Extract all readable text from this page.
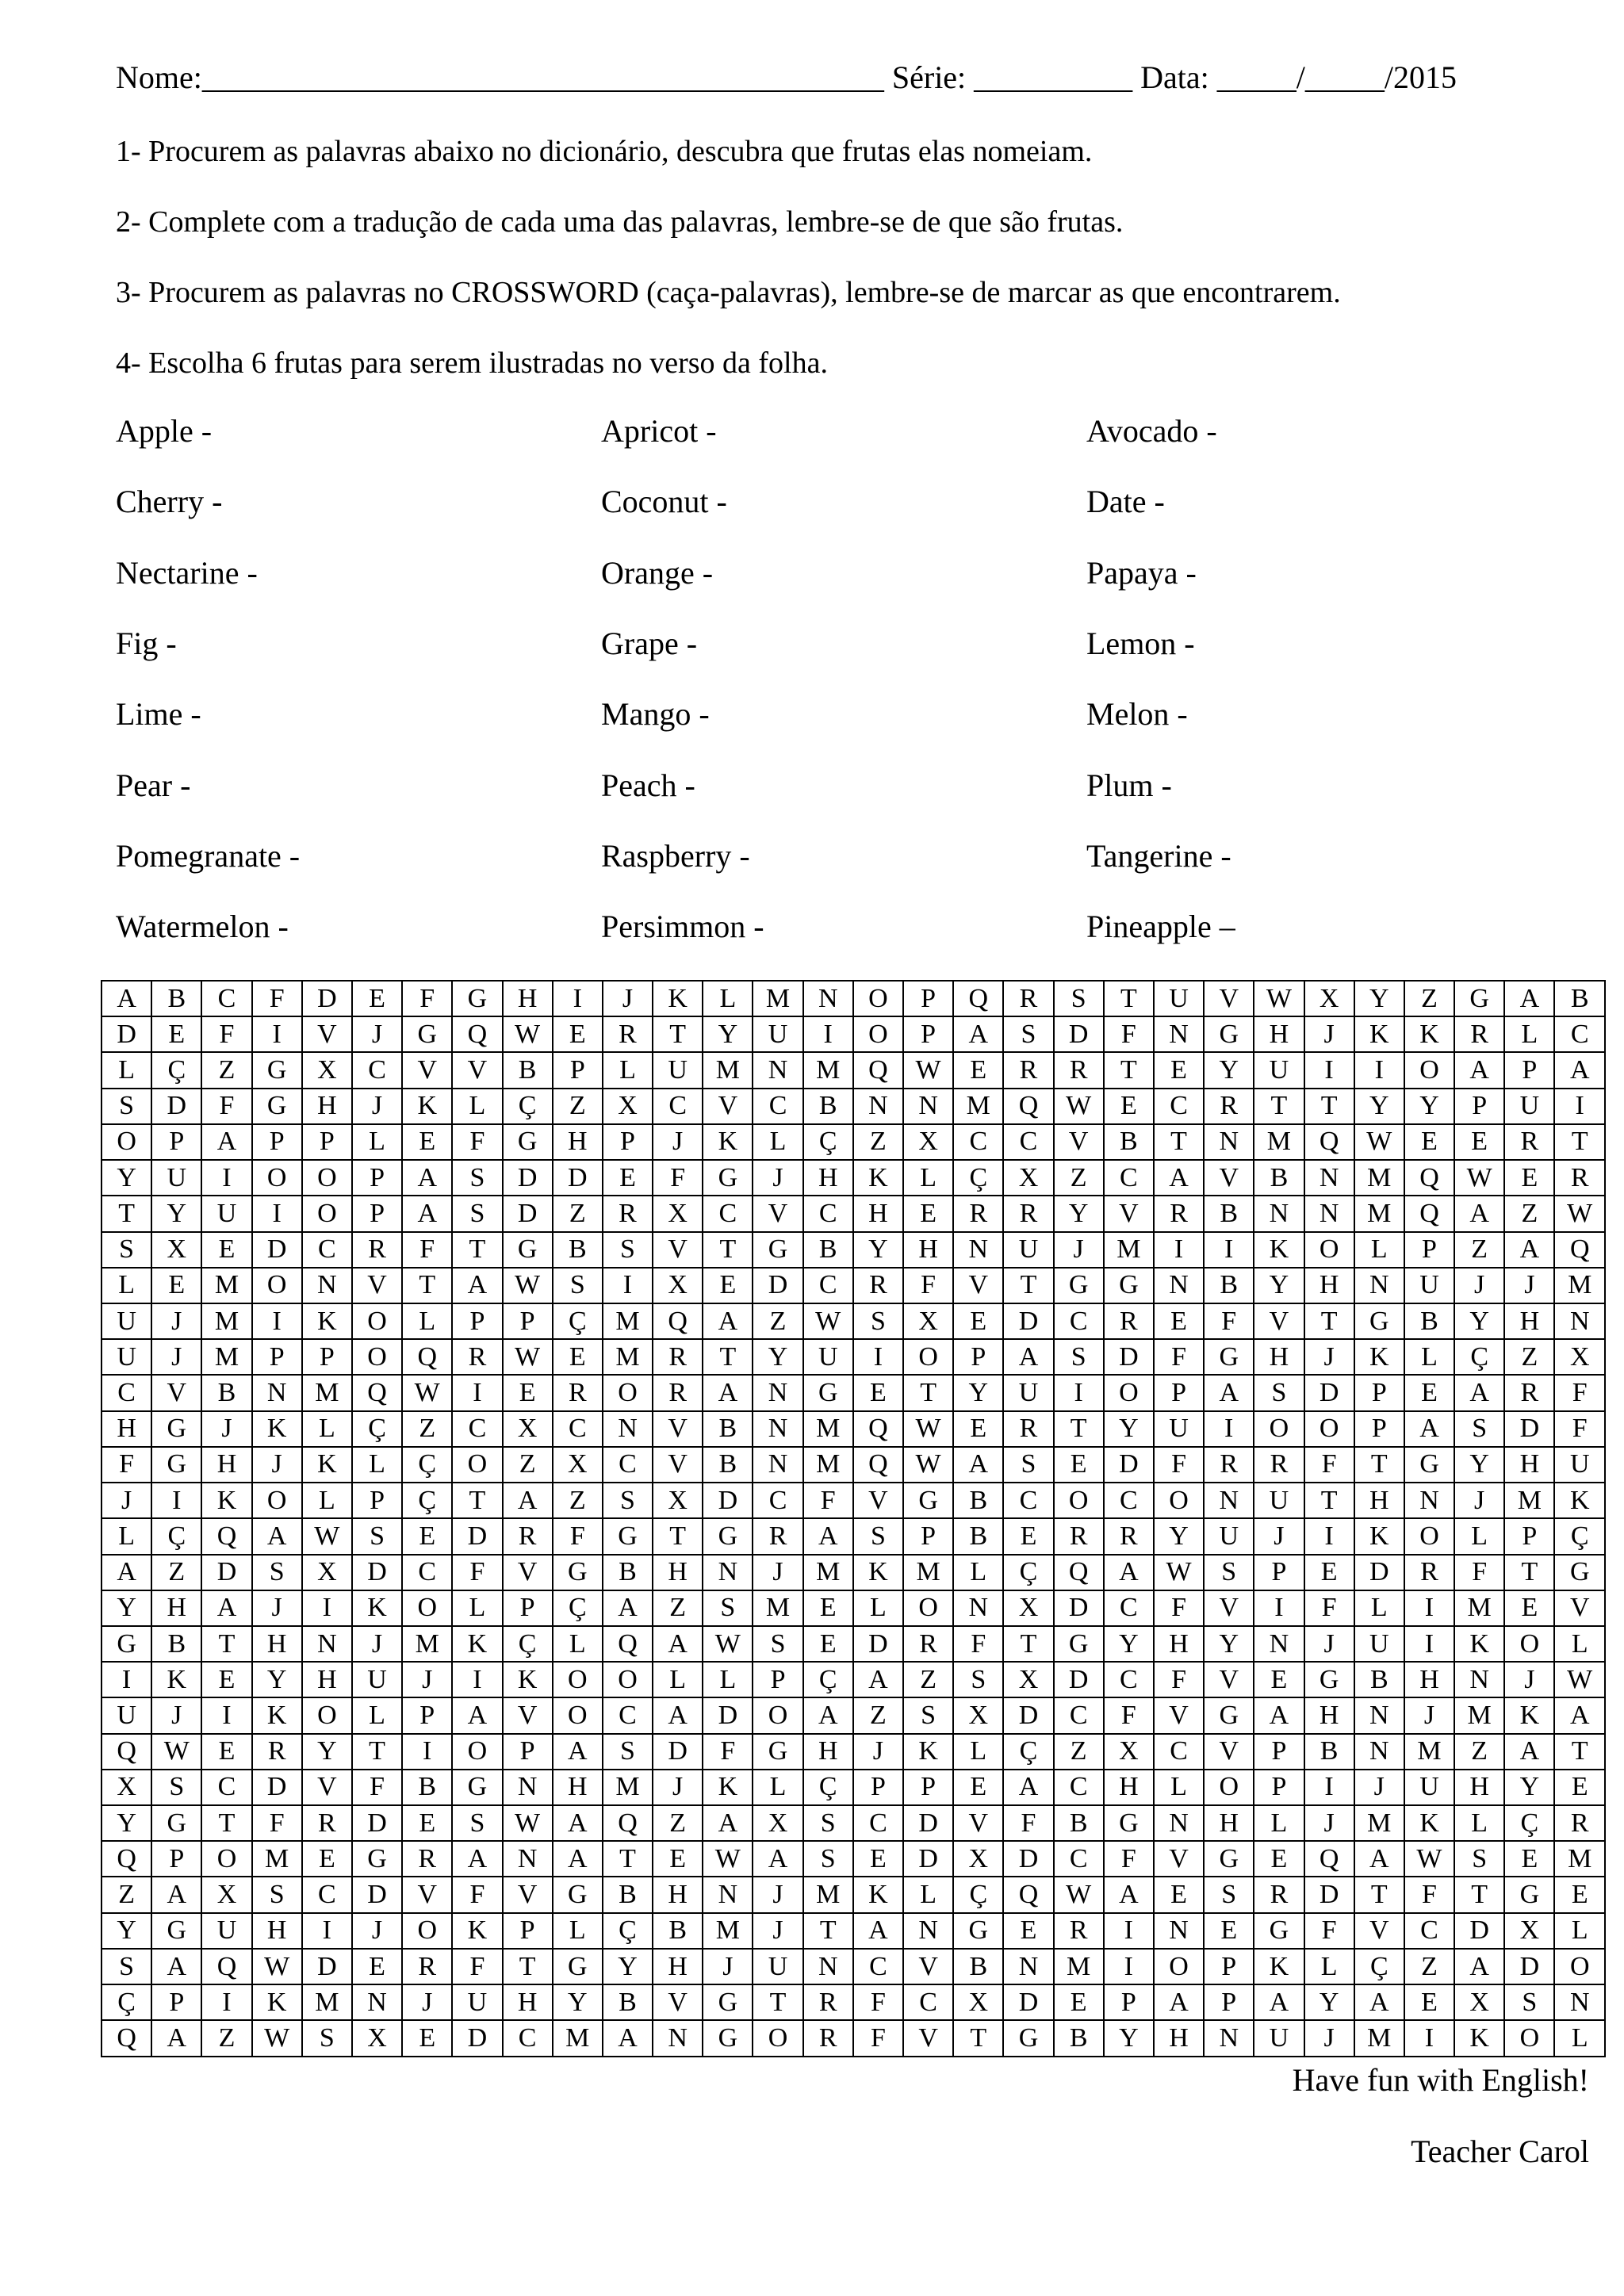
Nome:___________________________________________ Série: __________ Data: _____/_____/2015
1- Procurem as palavras abaixo no dicionário, descubra que frutas elas nomeiam.
2- Complete com a tradução de cada uma das palavras, lembre-se de que são frutas.
3- Procurem as palavras no CROSSWORD (caça-palavras), lembre-se de marcar as que encontrarem.
4- Escolha 6 frutas para serem ilustradas no verso da folha.
Apple -	Apricot -	Avocado -
Cherry -	Coconut -	Date -
Nectarine -	Orange -	Papaya -
Fig -	Grape -	Lemon -
Lime -	Mango -	Melon -
Pear -	Peach -	Plum -
Pomegranate -	Raspberry -	Tangerine -
Watermelon -	Persimmon -	Pineapple –
A	B	C	F	D	E	F	G	H	I	J	K	L	M	N	O	P	Q	R	S	T	U	V	W	X	Y	Z	G	A	B
D	E	F	I	V	J	G	Q	W	E	R	T	Y	U	I	O	P	A	S	D	F	N	G	H	J	K	K	R	L	C
L	Ç	Z	G	X	C	V	V	B	P	L	U	M	N	M	Q	W	E	R	R	T	E	Y	U	I	I	O	A	P	A
S	D	F	G	H	J	K	L	Ç	Z	X	C	V	C	B	N	N	M	Q	W	E	C	R	T	T	Y	Y	P	U	I
O	P	A	P	P	L	E	F	G	H	P	J	K	L	Ç	Z	X	C	C	V	B	T	N	M	Q	W	E	E	R	T
Y	U	I	O	O	P	A	S	D	D	E	F	G	J	H	K	L	Ç	X	Z	C	A	V	B	N	M	Q	W	E	R
T	Y	U	I	O	P	A	S	D	Z	R	X	C	V	C	H	E	R	R	Y	V	R	B	N	N	M	Q	A	Z	W
S	X	E	D	C	R	F	T	G	B	S	V	T	G	B	Y	H	N	U	J	M	I	I	K	O	L	P	Z	A	Q
L	E	M	O	N	V	T	A	W	S	I	X	E	D	C	R	F	V	T	G	G	N	B	Y	H	N	U	J	J	M
U	J	M	I	K	O	L	P	P	Ç	M	Q	A	Z	W	S	X	E	D	C	R	E	F	V	T	G	B	Y	H	N
U	J	M	P	P	O	Q	R	W	E	M	R	T	Y	U	I	O	P	A	S	D	F	G	H	J	K	L	Ç	Z	X
C	V	B	N	M	Q	W	I	E	R	O	R	A	N	G	E	T	Y	U	I	O	P	A	S	D	P	E	A	R	F
H	G	J	K	L	Ç	Z	C	X	C	N	V	B	N	M	Q	W	E	R	T	Y	U	I	O	O	P	A	S	D	F
F	G	H	J	K	L	Ç	O	Z	X	C	V	B	N	M	Q	W	A	S	E	D	F	R	R	F	T	G	Y	H	U
J	I	K	O	L	P	Ç	T	A	Z	S	X	D	C	F	V	G	B	C	O	C	O	N	U	T	H	N	J	M	K
L	Ç	Q	A	W	S	E	D	R	F	G	T	G	R	A	S	P	B	E	R	R	Y	U	J	I	K	O	L	P	Ç
A	Z	D	S	X	D	C	F	V	G	B	H	N	J	M	K	M	L	Ç	Q	A	W	S	P	E	D	R	F	T	G
Y	H	A	J	I	K	O	L	P	Ç	A	Z	S	M	E	L	O	N	X	D	C	F	V	I	F	L	I	M	E	V
G	B	T	H	N	J	M	K	Ç	L	Q	A	W	S	E	D	R	F	T	G	Y	H	Y	N	J	U	I	K	O	L
I	K	E	Y	H	U	J	I	K	O	O	L	L	P	Ç	A	Z	S	X	D	C	F	V	E	G	B	H	N	J	W
U	J	I	K	O	L	P	A	V	O	C	A	D	O	A	Z	S	X	D	C	F	V	G	A	H	N	J	M	K	A
Q	W	E	R	Y	T	I	O	P	A	S	D	F	G	H	J	K	L	Ç	Z	X	C	V	P	B	N	M	Z	A	T
X	S	C	D	V	F	B	G	N	H	M	J	K	L	Ç	P	P	E	A	C	H	L	O	P	I	J	U	H	Y	E
Y	G	T	F	R	D	E	S	W	A	Q	Z	A	X	S	C	D	V	F	B	G	N	H	L	J	M	K	L	Ç	R
Q	P	O	M	E	G	R	A	N	A	T	E	W	A	S	E	D	X	D	C	F	V	G	E	Q	A	W	S	E	M
Z	A	X	S	C	D	V	F	V	G	B	H	N	J	M	K	L	Ç	Q	W	A	E	S	R	D	T	F	T	G	E
Y	G	U	H	I	J	O	K	P	L	Ç	B	M	J	T	A	N	G	E	R	I	N	E	G	F	V	C	D	X	L
S	A	Q	W	D	E	R	F	T	G	Y	H	J	U	N	C	V	B	N	M	I	O	P	K	L	Ç	Z	A	D	O
Ç	P	I	K	M	N	J	U	H	Y	B	V	G	T	R	F	C	X	D	E	P	A	P	A	Y	A	E	X	S	N
Q	A	Z	W	S	X	E	D	C	M	A	N	G	O	R	F	V	T	G	B	Y	H	N	U	J	M	I	K	O	L
Have fun with English!
Teacher Carol
